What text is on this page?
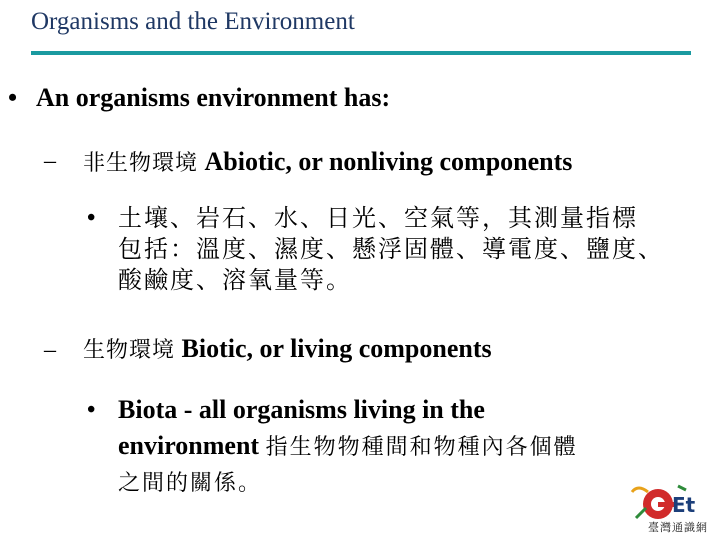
Organisms and the Environment
• An organisms environment has:
– 非生物環境 Abiotic, or nonliving components
• 土壤、岩石、水、日光、空氣等，其測量指標
包括：溫度、濕度、懸浮固體、導電度、鹽度、
酸鹼度、溶氧量等。
– 生物環境 Biotic, or living components
• Biota - all organisms living in the
environment 指生物物種間和物種內各個體
之間的關係。
Et
臺灣通識網
